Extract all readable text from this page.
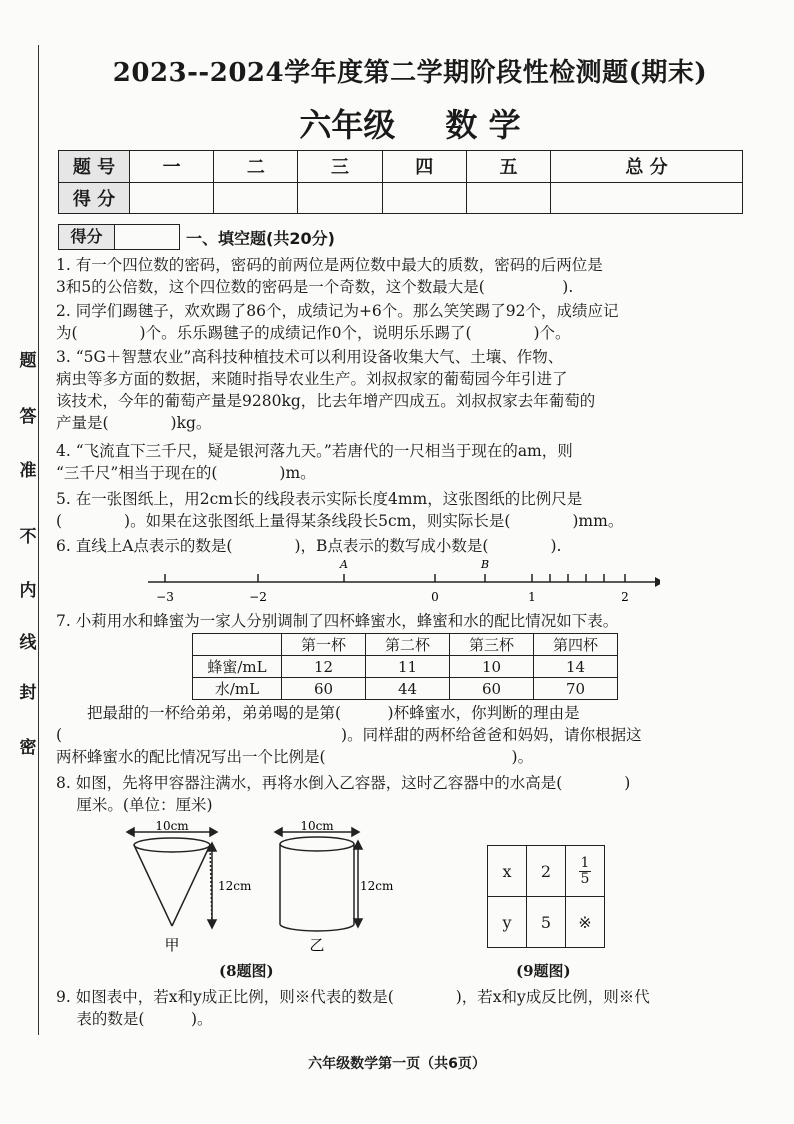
密
封
线
内
不
准
答
题
2023--2024学年度第二学期阶段性检测题(期末)
六年级 数 学
题 号	一	二	三	四	五	总 分
得 分						
得分	一、填空题(共20分)
1. 有一个四位数的密码，密码的前两位是两位数中最大的质数，密码的后两位是
3和5的公倍数，这个四位数的密码是一个奇数，这个数最大是(　　　　　).
2. 同学们踢毽子，欢欢踢了86个，成绩记为+6个。那么笑笑踢了92个，成绩应记
为(　　　　)个。乐乐踢毽子的成绩记作0个，说明乐乐踢了(　　　　)个。
3. “5G＋智慧农业”高科技种植技术可以利用设备收集大气、土壤、作物、
病虫等多方面的数据，来随时指导农业生产。刘叔叔家的葡萄园今年引进了
该技术，今年的葡萄产量是9280kg，比去年增产四成五。刘叔叔家去年葡萄的
产量是(　　　　)kg。
4. “飞流直下三千尺，疑是银河落九天。”若唐代的一尺相当于现在的am，则
“三千尺”相当于现在的(　　　　)m。
5. 在一张图纸上，用2cm长的线段表示实际长度4mm，这张图纸的比例尺是
(　　　　)。如果在这张图纸上量得某条线段长5cm，则实际长是(　　　　)mm。
6. 直线上A点表示的数是(　　　　)，B点表示的数写成小数是(　　　　).
A	B
−3	−2	0	1	2
7. 小莉用水和蜂蜜为一家人分别调制了四杯蜂蜜水，蜂蜜和水的配比情况如下表。
	第一杯	第二杯	第三杯	第四杯
蜂蜜/mL	12	11	10	14
水/mL	60	44	60	70
　　把最甜的一杯给弟弟，弟弟喝的是第(　　　)杯蜂蜜水，你判断的理由是
(　　　　　　　　　　　　　　　　　　)。同样甜的两杯给爸爸和妈妈，请你根据这
两杯蜂蜜水的配比情况写出一个比例是(　　　　　　　　　　　　)。
8. 如图，先将甲容器注满水，再将水倒入乙容器，这时乙容器中的水高是(　　　　)
　 厘米。(单位：厘米)
10cm
12cm
甲
10cm
12cm
乙
x	2	$\frac{1}{5}$

y	5	※
(8题图)	(9题图)
9. 如图表中，若x和y成正比例，则※代表的数是(　　　　)，若x和y成反比例，则※代
　 表的数是(　　　)。
六年级数学第一页（共6页）
